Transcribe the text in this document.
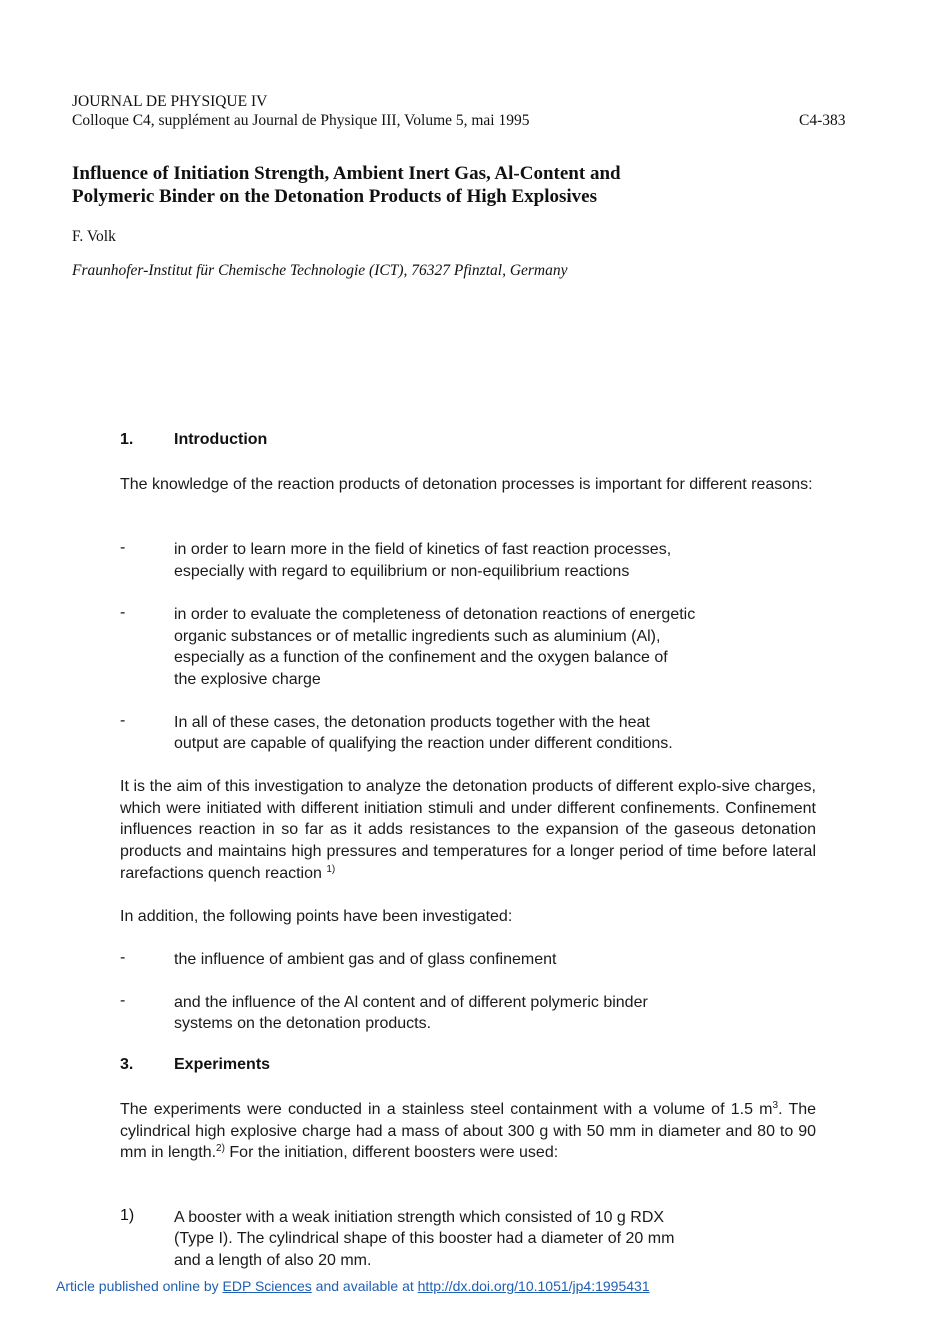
JOURNAL DE PHYSIQUE IV
Colloque C4, supplément au Journal de Physique III, Volume 5, mai 1995	C4-383
Influence of Initiation Strength, Ambient Inert Gas, Al-Content and
Polymeric Binder on the Detonation Products of High Explosives
F. Volk
Fraunhofer-Institut für Chemische Technologie (ICT), 76327 Pfinztal, Germany
1.	Introduction
The knowledge of the reaction products of detonation processes is important for different reasons:
-	in order to learn more in the field of kinetics of fast reaction processes,
especially with regard to equilibrium or non-equilibrium reactions
-	in order to evaluate the completeness of detonation reactions of energetic
organic substances or of metallic ingredients such as aluminium (Al),
especially as a function of the confinement and the oxygen balance of
the explosive charge
-	In all of these cases, the detonation products together with the heat
output are capable of qualifying the reaction under different conditions.
It is the aim of this investigation to analyze the detonation products of different explo-sive charges, which were initiated with different initiation stimuli and under different confinements. Confinement influences reaction in so far as it adds resistances to the expansion of the gaseous detonation products and maintains high pressures and temperatures for a longer period of time before lateral rarefactions quench reaction $^{1)}$
In addition, the following points have been investigated:
-	the influence of ambient gas and of glass confinement
-	and the influence of the Al content and of different polymeric binder
systems on the detonation products.
3.	Experiments
The experiments were conducted in a stainless steel containment with a volume of 1.5 $m^3$. The cylindrical high explosive charge had a mass of about 300 g with 50 mm in diameter and 80 to 90 mm in length.$^{2)}$ For the initiation, different boosters were used:
1) A booster with a weak initiation strength which consisted of 10 g RDX
(Type I). The cylindrical shape of this booster had a diameter of 20 mm
and a length of also 20 mm.
Article published online by EDP Sciences and available at http://dx.doi.org/10.1051/jp4:1995431
